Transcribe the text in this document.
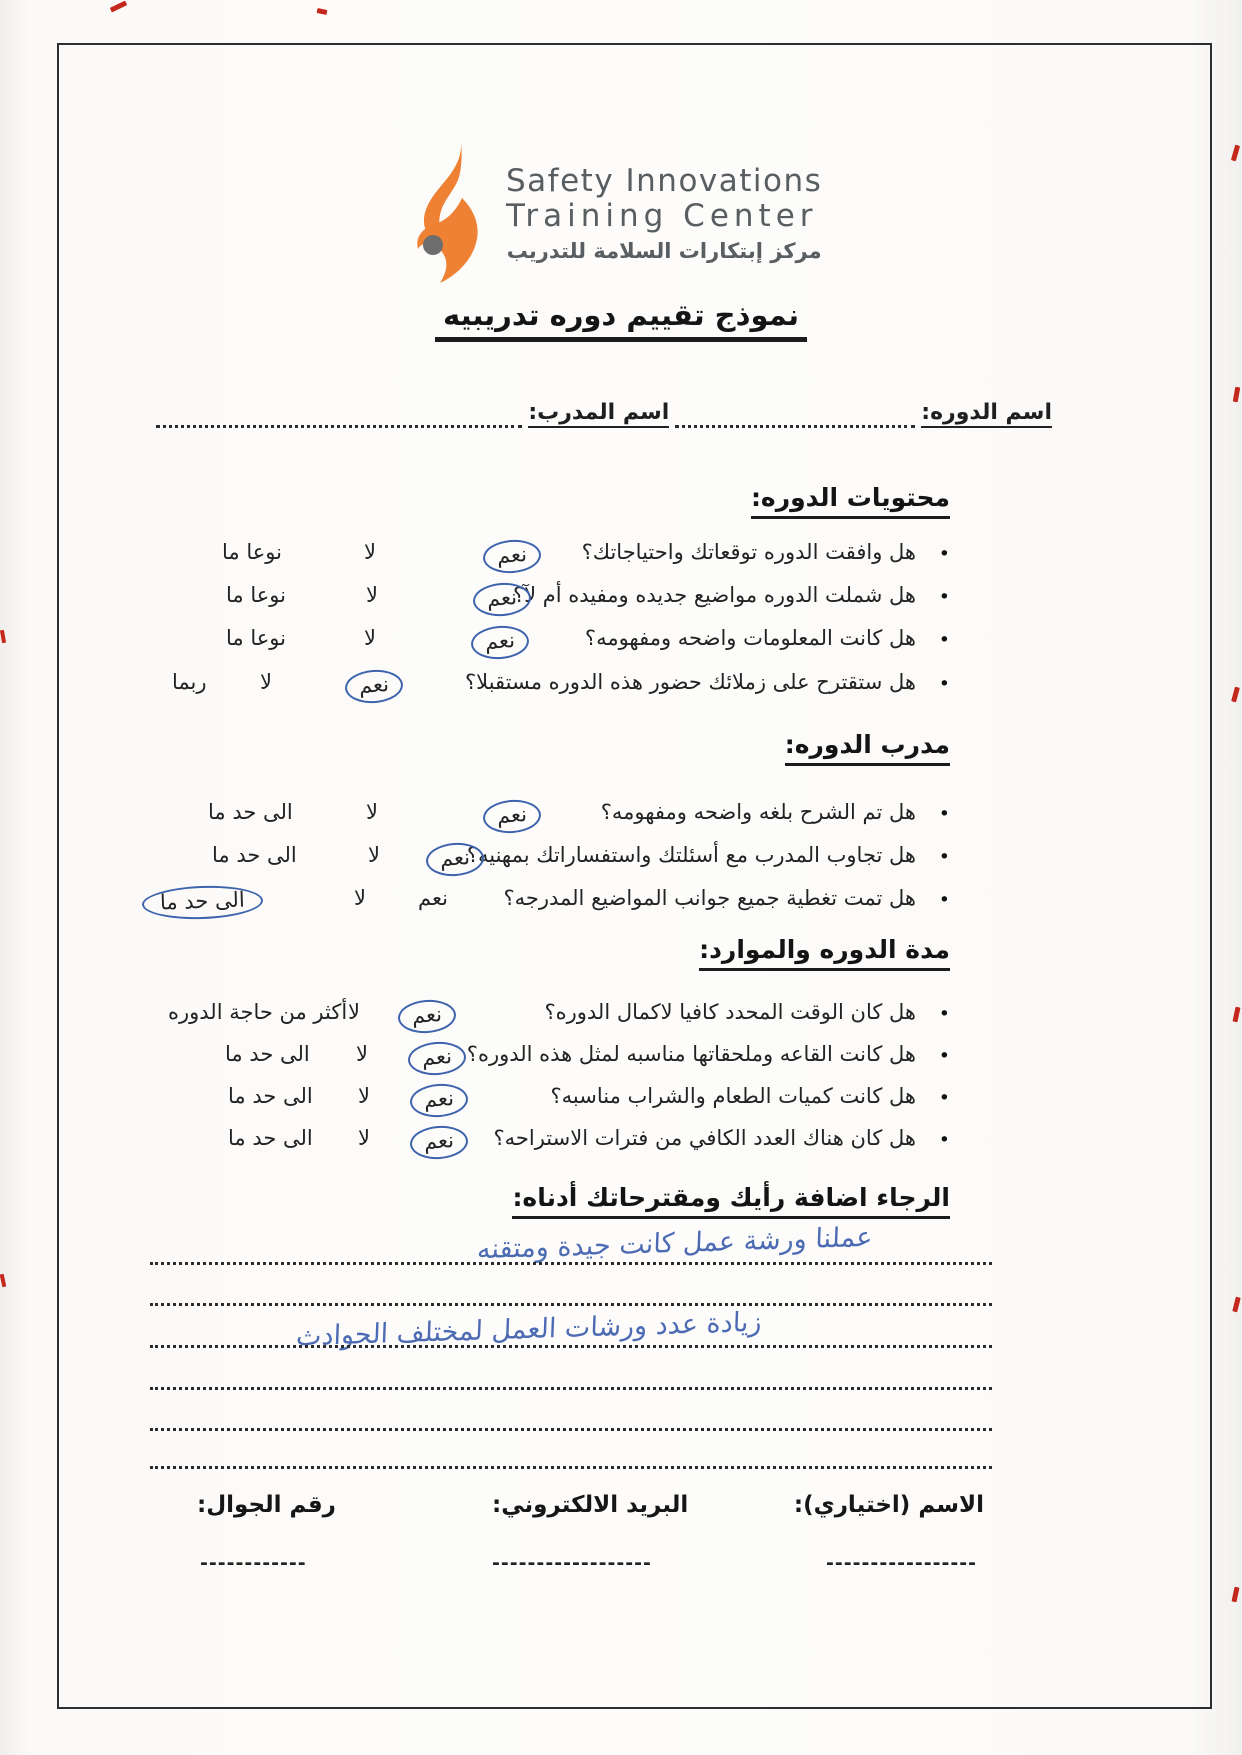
Safety Innovations
Training Center
مركز إبتكارات السلامة للتدريب
نموذج تقييم دوره تدريبيه
اسم الدوره:
اسم المدرب:
محتويات الدوره:
•
هل وافقت الدوره توقعاتك واحتياجاتك؟
نعم
لا
نوعا ما
•
هل شملت الدوره مواضيع جديده ومفيده أم لآ؟
نعم
لا
نوعا ما
•
هل كانت المعلومات واضحه ومفهومه؟
نعم
لا
نوعا ما
•
هل ستقترح على زملائك حضور هذه الدوره مستقبلا؟
نعم
لا
ربما
مدرب الدوره:
•
هل تم الشرح بلغه واضحه ومفهومه؟
نعم
لا
الى حد ما
•
هل تجاوب المدرب مع أسئلتك واستفساراتك بمهنيه؟
نعم
لا
الى حد ما
•
هل تمت تغطية جميع جوانب المواضيع المدرجه؟
نعم
لا
الى حد ما
مدة الدوره والموارد:
•
هل كان الوقت المحدد كافيا لاكمال الدوره؟
نعم
لا
أكثر من حاجة الدوره
•
هل كانت القاعه وملحقاتها مناسبه لمثل هذه الدوره؟
نعم
لا
الى حد ما
•
هل كانت كميات الطعام والشراب مناسبه؟
نعم
لا
الى حد ما
•
هل كان هناك العدد الكافي من فترات الاستراحه؟
نعم
لا
الى حد ما
الرجاء اضافة رأيك ومقترحاتك أدناه:
عملنا ورشة عمل كانت جيدة ومتقنه
زيادة عدد ورشات العمل لمختلف الحوادث
الاسم (اختياري):
البريد الالكتروني:
رقم الجوال:
-----------------
------------------
------------
